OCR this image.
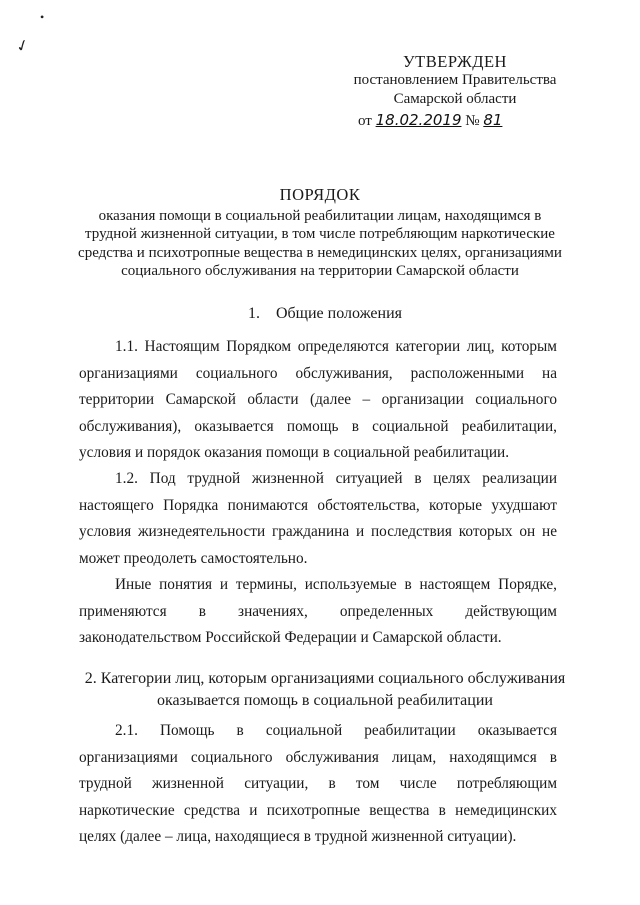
•
✓
УТВЕРЖДЕН
постановлением Правительства
Самарской области
от 18.02.2019 № 81
ПОРЯДОК
оказания помощи в социальной реабилитации лицам, находящимся в
трудной жизненной ситуации, в том числе потребляющим наркотические
средства и психотропные вещества в немедицинских целях, организациями
социального обслуживания на территории Самарской области
1.    Общие положения
1.1. Настоящим Порядком определяются категории лиц, которым организациями социального обслуживания, расположенными на территории Самарской области (далее – организации социального обслуживания), оказывается помощь в социальной реабилитации, условия и порядок оказания помощи в социальной реабилитации.
1.2. Под трудной жизненной ситуацией в целях реализации настоящего Порядка понимаются обстоятельства, которые ухудшают условия жизнедеятельности гражданина и последствия которых он не может преодолеть самостоятельно.
Иные понятия и термины, используемые в настоящем Порядке, применяются в значениях, определенных действующим законодательством Российской Федерации и Самарской области.
2. Категории лиц, которым организациями социального обслуживания
оказывается помощь в социальной реабилитации
2.1. Помощь в социальной реабилитации оказывается организациями социального обслуживания лицам, находящимся в трудной жизненной ситуации, в том числе потребляющим наркотические средства и психотропные вещества в немедицинских целях (далее – лица, находящиеся в трудной жизненной ситуации).
